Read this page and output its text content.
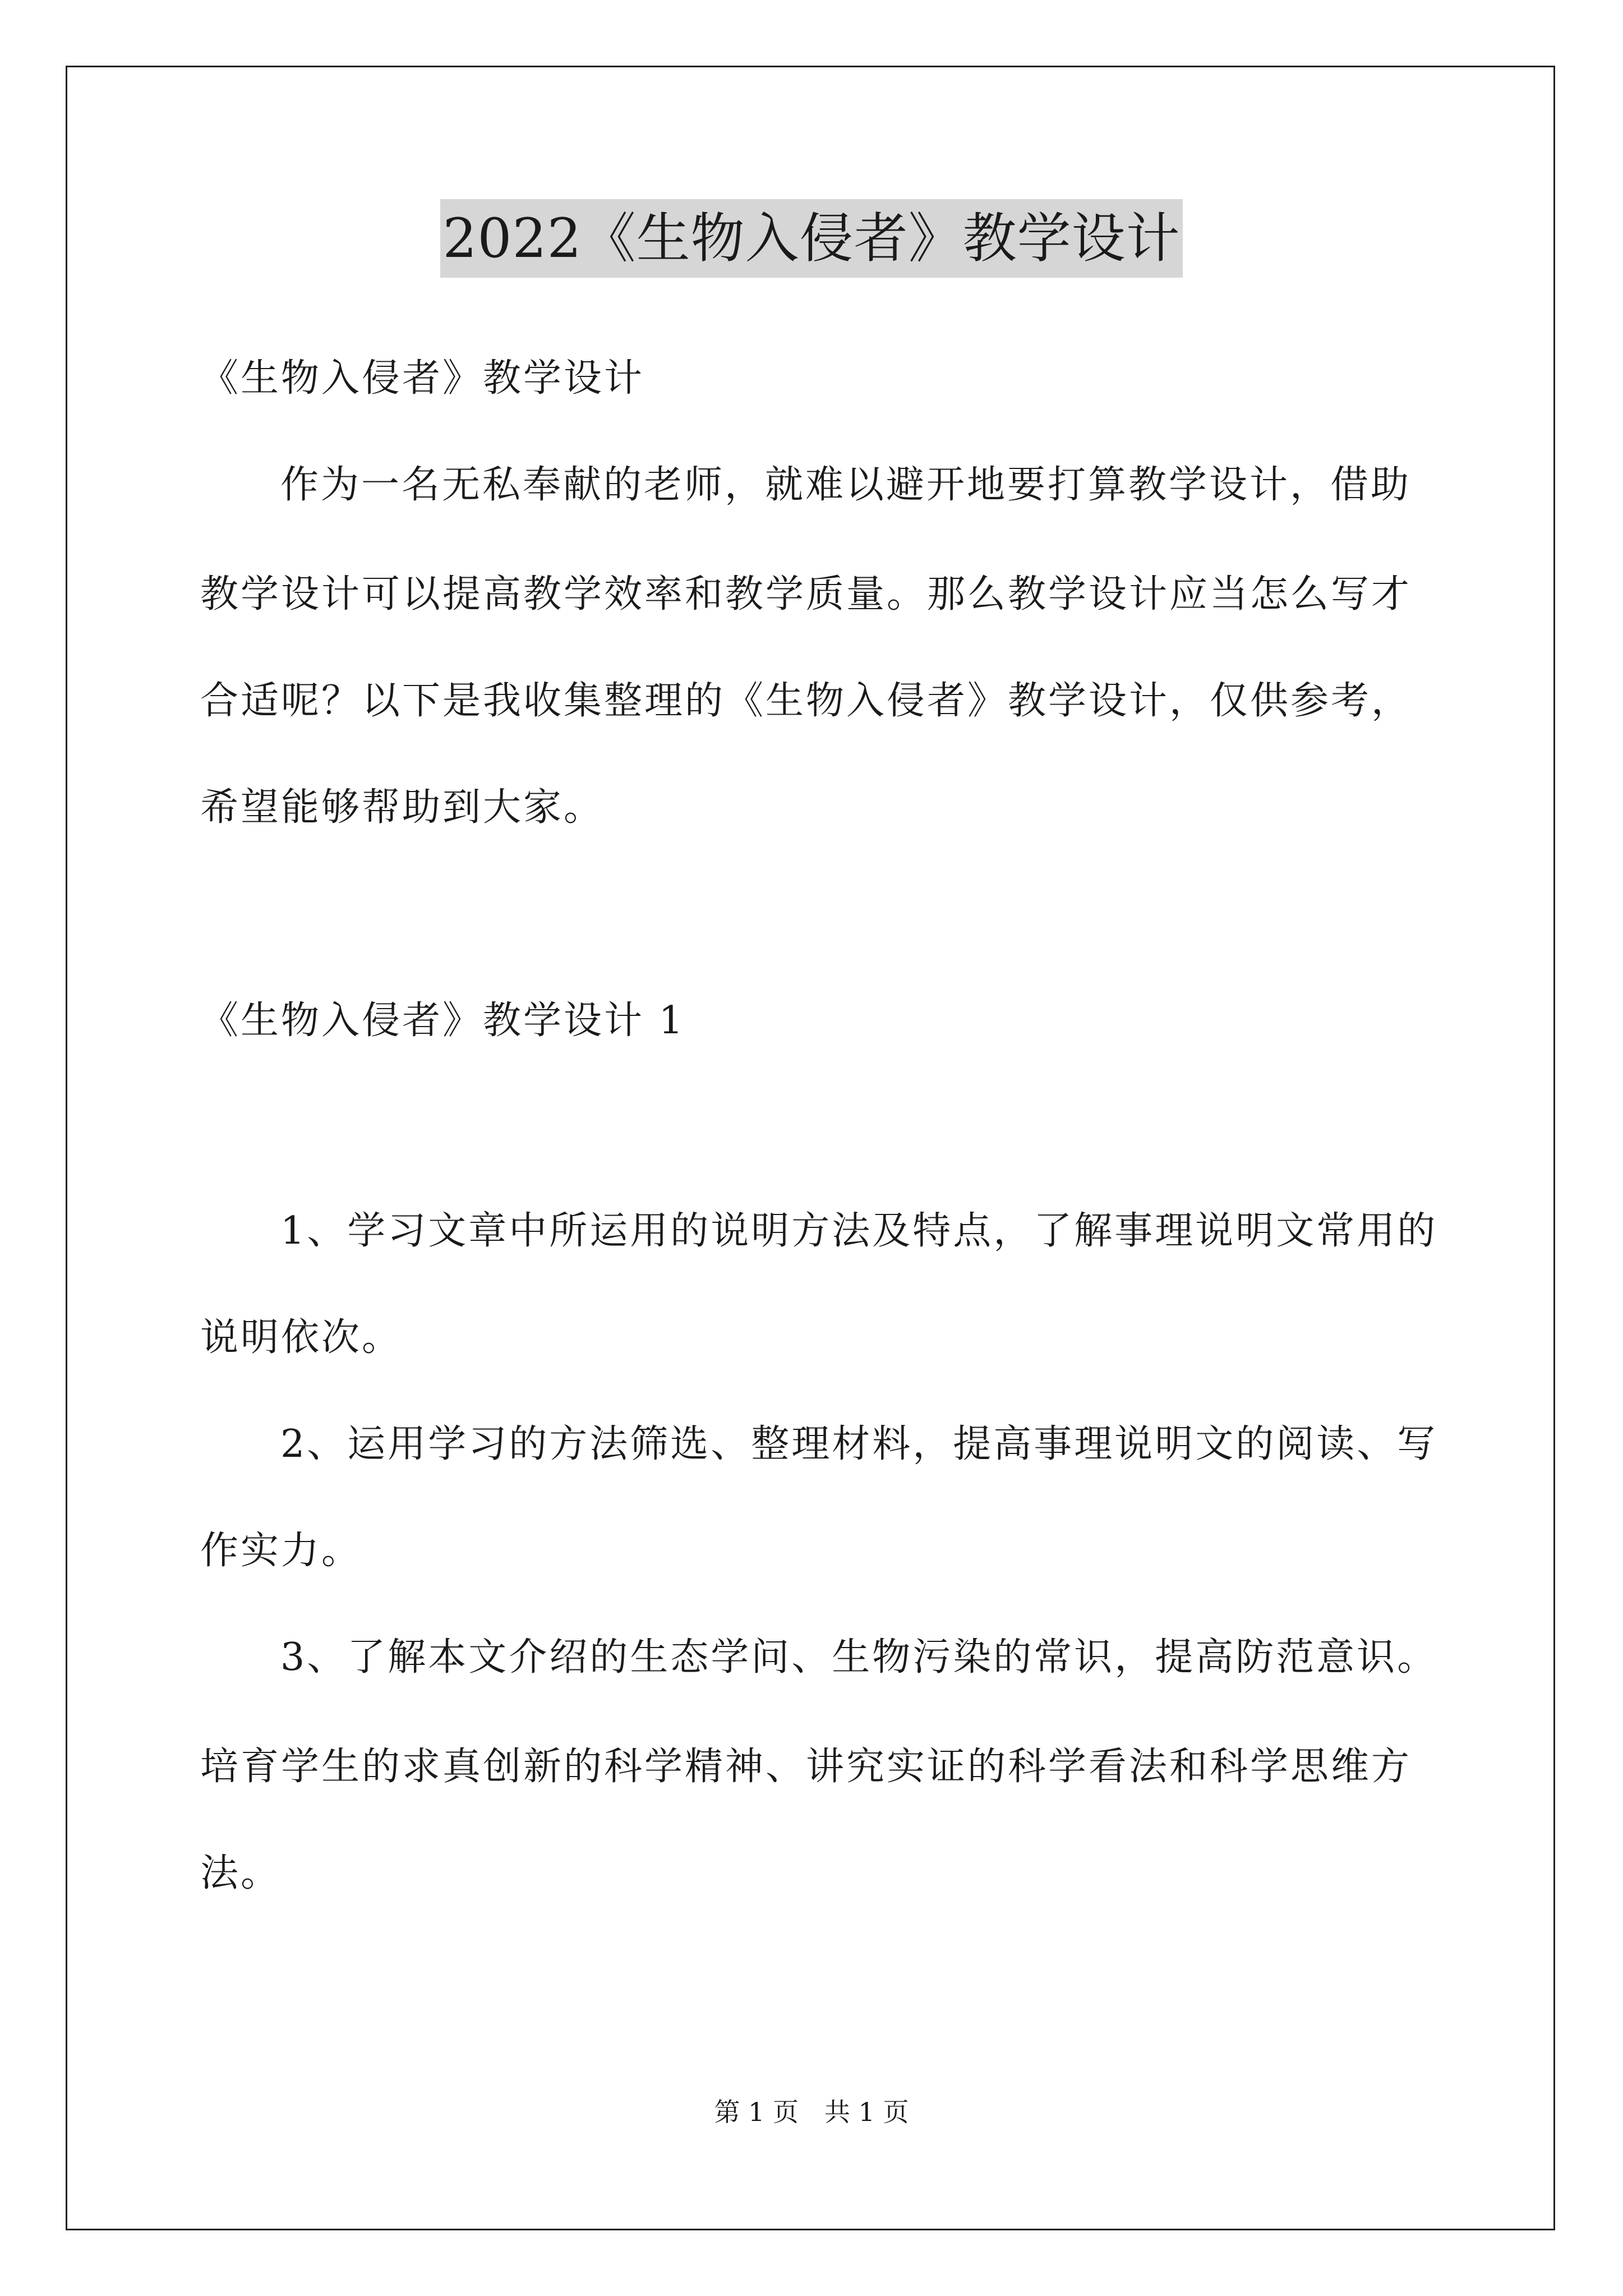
2022《生物入侵者》教学设计
《生物入侵者》教学设计
作为一名无私奉献的老师，就难以避开地要打算教学设计，借助
教学设计可以提高教学效率和教学质量。那么教学设计应当怎么写才
合适呢？以下是我收集整理的《生物入侵者》教学设计，仅供参考，
希望能够帮助到大家。
《生物入侵者》教学设计 1
1、学习文章中所运用的说明方法及特点，了解事理说明文常用的
说明依次。
2、运用学习的方法筛选、整理材料，提高事理说明文的阅读、写
作实力。
3、了解本文介绍的生态学问、生物污染的常识，提高防范意识。
培育学生的求真创新的科学精神、讲究实证的科学看法和科学思维方
法。
第 1 页　共 1 页
